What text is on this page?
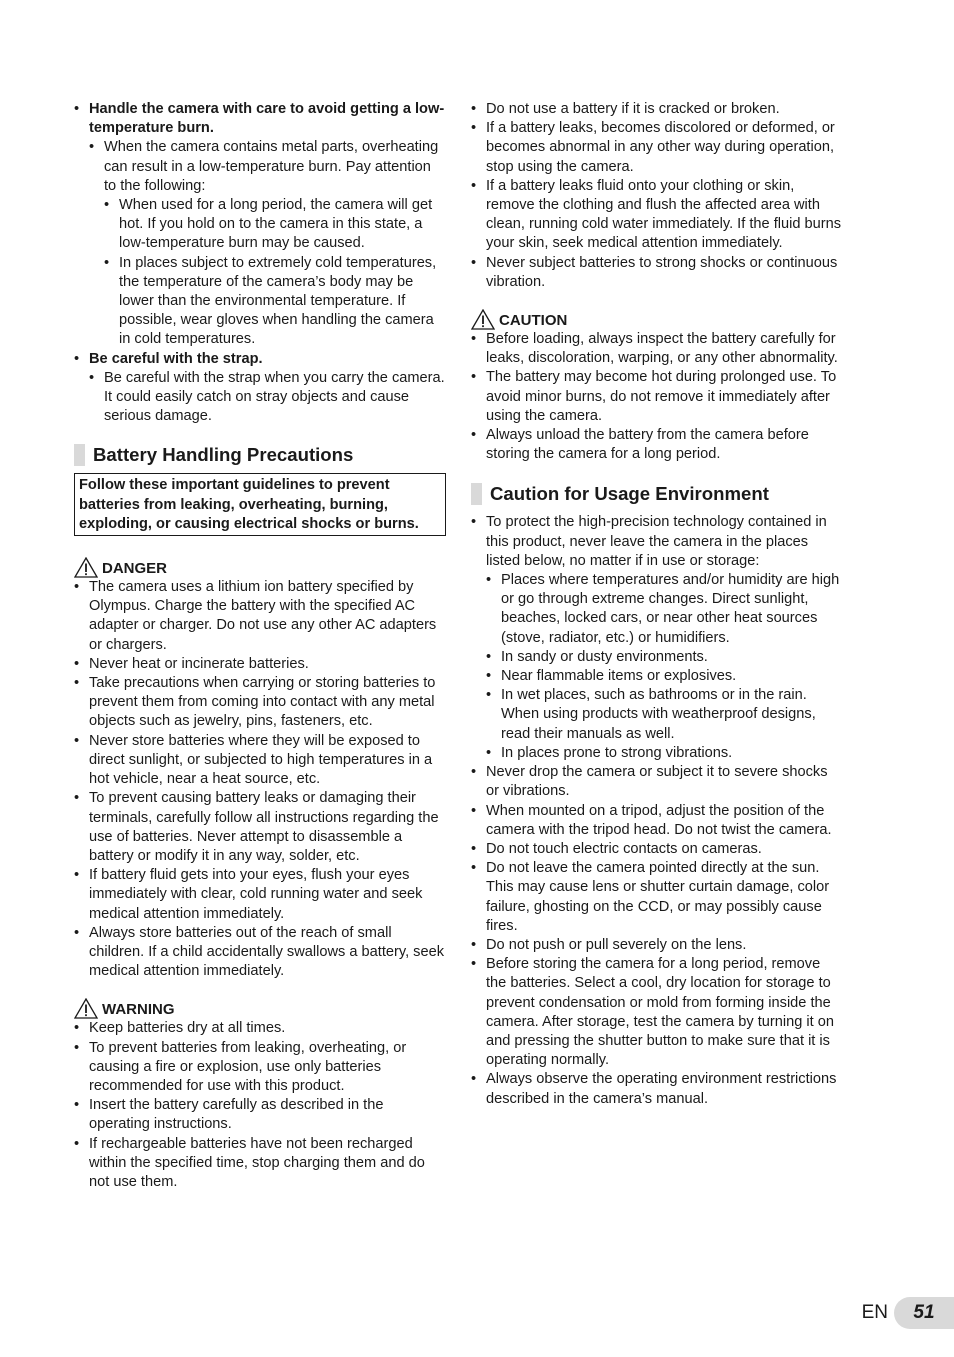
• Handle the camera with care to avoid getting a low-temperature burn.
• When the camera contains metal parts, overheating can result in a low-temperature burn. Pay attention to the following:
• When used for a long period, the camera will get hot. If you hold on to the camera in this state, a low-temperature burn may be caused.
• In places subject to extremely cold temperatures, the temperature of the camera’s body may be lower than the environmental temperature. If possible, wear gloves when handling the camera in cold temperatures.
• Be careful with the strap.
• Be careful with the strap when you carry the camera. It could easily catch on stray objects and cause serious damage.
Battery Handling Precautions
Follow these important guidelines to prevent batteries from leaking, overheating, burning, exploding, or causing electrical shocks or burns.
DANGER
• The camera uses a lithium ion battery specified by Olympus. Charge the battery with the specified AC adapter or charger. Do not use any other AC adapters or chargers.
• Never heat or incinerate batteries.
• Take precautions when carrying or storing batteries to prevent them from coming into contact with any metal objects such as jewelry, pins, fasteners, etc.
• Never store batteries where they will be exposed to direct sunlight, or subjected to high temperatures in a hot vehicle, near a heat source, etc.
• To prevent causing battery leaks or damaging their terminals, carefully follow all instructions regarding the use of batteries. Never attempt to disassemble a battery or modify it in any way, solder, etc.
• If battery fluid gets into your eyes, flush your eyes immediately with clear, cold running water and seek medical attention immediately.
• Always store batteries out of the reach of small children. If a child accidentally swallows a battery, seek medical attention immediately.
WARNING
• Keep batteries dry at all times.
• To prevent batteries from leaking, overheating, or causing a fire or explosion, use only batteries recommended for use with this product.
• Insert the battery carefully as described in the operating instructions.
• If rechargeable batteries have not been recharged within the specified time, stop charging them and do not use them.
• Do not use a battery if it is cracked or broken.
• If a battery leaks, becomes discolored or deformed, or becomes abnormal in any other way during operation, stop using the camera.
• If a battery leaks fluid onto your clothing or skin, remove the clothing and flush the affected area with clean, running cold water immediately. If the fluid burns your skin, seek medical attention immediately.
• Never subject batteries to strong shocks or continuous vibration.
CAUTION
• Before loading, always inspect the battery carefully for leaks, discoloration, warping, or any other abnormality.
• The battery may become hot during prolonged use. To avoid minor burns, do not remove it immediately after using the camera.
• Always unload the battery from the camera before storing the camera for a long period.
Caution for Usage Environment
• To protect the high-precision technology contained in this product, never leave the camera in the places listed below, no matter if in use or storage:
• Places where temperatures and/or humidity are high or go through extreme changes. Direct sunlight, beaches, locked cars, or near other heat sources (stove, radiator, etc.) or humidifiers.
• In sandy or dusty environments.
• Near flammable items or explosives.
• In wet places, such as bathrooms or in the rain. When using products with weatherproof designs, read their manuals as well.
• In places prone to strong vibrations.
• Never drop the camera or subject it to severe shocks or vibrations.
• When mounted on a tripod, adjust the position of the camera with the tripod head. Do not twist the camera.
• Do not touch electric contacts on cameras.
• Do not leave the camera pointed directly at the sun. This may cause lens or shutter curtain damage, color failure, ghosting on the CCD, or may possibly cause fires.
• Do not push or pull severely on the lens.
• Before storing the camera for a long period, remove the batteries. Select a cool, dry location for storage to prevent condensation or mold from forming inside the camera. After storage, test the camera by turning it on and pressing the shutter button to make sure that it is operating normally.
• Always observe the operating environment restrictions described in the camera’s manual.
EN	51
